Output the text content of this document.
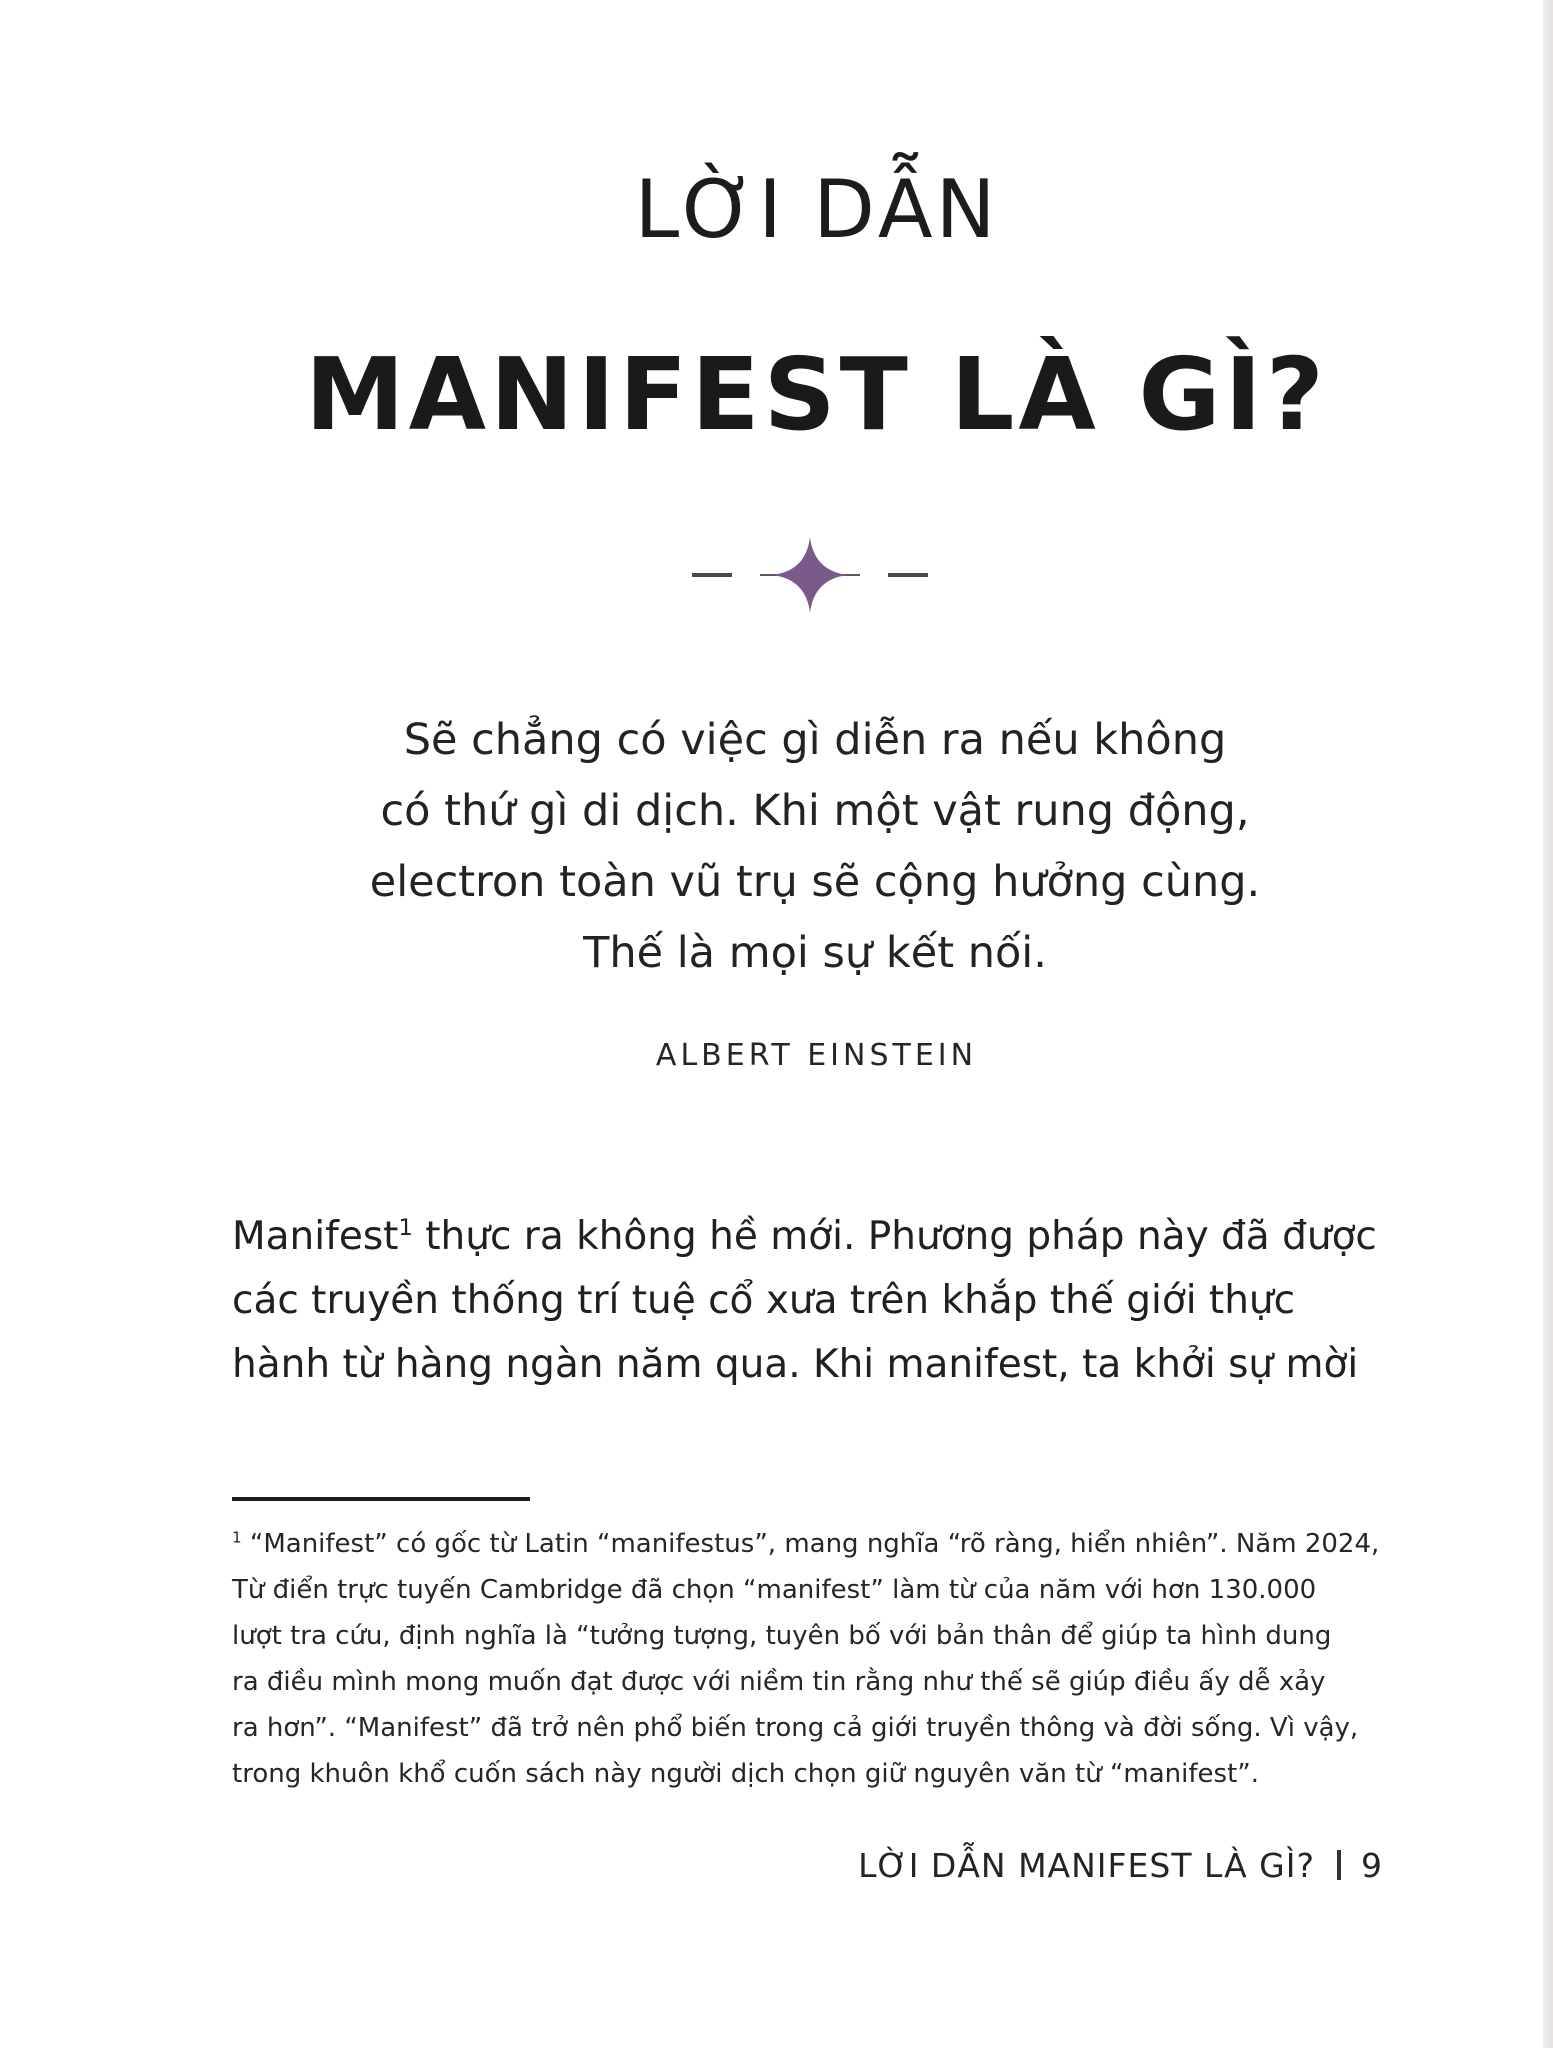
LỜI DẪN
MANIFEST LÀ GÌ?
Sẽ chẳng có việc gì diễn ra nếu không
có thứ gì di dịch. Khi một vật rung động,
electron toàn vũ trụ sẽ cộng hưởng cùng.
Thế là mọi sự kết nối.
ALBERT EINSTEIN
Manifest$^1$ thực ra không hề mới. Phương pháp này đã được
các truyền thống trí tuệ cổ xưa trên khắp thế giới thực
hành từ hàng ngàn năm qua. Khi manifest, ta khởi sự mời
$^1$ “Manifest” có gốc từ Latin “manifestus”, mang nghĩa “rõ ràng, hiển nhiên”. Năm 2024,
Từ điển trực tuyến Cambridge đã chọn “manifest” làm từ của năm với hơn 130.000
lượt tra cứu, định nghĩa là “tưởng tượng, tuyên bố với bản thân để giúp ta hình dung
ra điều mình mong muốn đạt được với niềm tin rằng như thế sẽ giúp điều ấy dễ xảy
ra hơn”. “Manifest” đã trở nên phổ biến trong cả giới truyền thông và đời sống. Vì vậy,
trong khuôn khổ cuốn sách này người dịch chọn giữ nguyên văn từ “manifest”.
LỜI DẪN MANIFEST LÀ GÌ? 9
